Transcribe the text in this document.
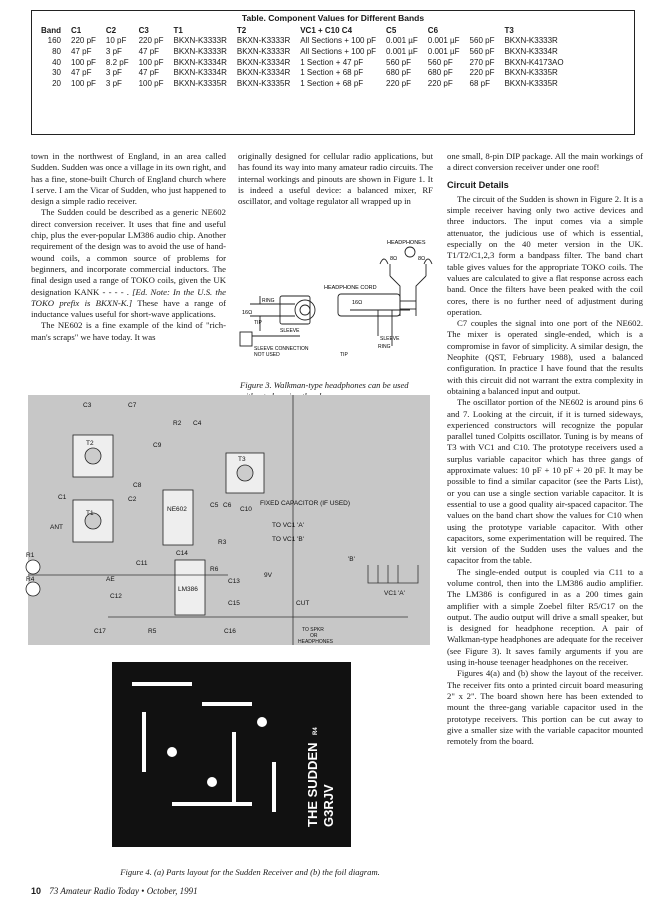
Table. Component Values for Different Bands
Band	C1	C2	C3	T1	T2	VC1 + C10 C4	C5	C6		T3
160	220 pF	10 pF	220 pF	BKXN-K3333R	BKXN-K3333R	All Sections + 100 pF	0.001 µF	0.001 µF	560 pF	BKXN-K3333R
80	47 pF	3 pF	47 pF	BKXN-K3333R	BKXN-K3333R	All Sections + 100 pF	0.001 µF	0.001 µF	560 pF	BKXN-K3334R
40	100 pF	8.2 pF	100 pF	BKXN-K3334R	BKXN-K3334R	1 Section + 47 pF	560 pF	560 pF	270 pF	BKXN-K4173AO
30	47 pF	3 pF	47 pF	BKXN-K3334R	BKXN-K3334R	1 Section + 68 pF	680 pF	680 pF	220 pF	BKXN-K3335R
20	100 pF	3 pF	100 pF	BKXN-K3335R	BKXN-K3335R	1 Section + 68 pF	220 pF	220 pF	68 pF	BKXN-K3335R

town in the northwest of England, in an area called Sudden. Sudden was once a village in its own right, and has a fine, stone-built Church of England church where I serve. I am the Vicar of Sudden, who just happened to design a simple radio receiver.

The Sudden could be described as a generic NE602 direct conversion receiver. It uses that fine and useful chip, plus the ever-popular LM386 audio chip. Another requirement of the design was to avoid the use of hand-wound coils, a common source of problems for beginners, and incorporate commercial inductors. The final design used a range of TOKO coils, given the UK designation KANK - - - - . [Ed. Note: In the U.S. the TOKO prefix is BKXN-K.] These have a range of inductance values useful for short-wave applications.

The NE602 is a fine example of the kind of "rich-man's scraps" we have today. It was

originally designed for cellular radio applications, but has found its way into many amateur radio circuits. The internal workings and pinouts are shown in Figure 1. It is indeed a useful device: a balanced mixer, RF oscillator, and voltage regulator all wrapped up in

HEADPHONES
8Ω	8Ω
HEADPHONE CORD
16Ω
16Ω
RING
TIP
SLEEVE
SLEEVE CONNECTION
NOT USED
SLEEVE
RING
TIP
Figure 3. Walkman-type headphones can be used

one small, 8-pin DIP package. All the main workings of a direct conversion receiver under one roof!

Circuit Details

The circuit of the Sudden is shown in Figure 2. It is a simple receiver having only two active devices and three inductors. The input comes via a simple attenuator, the judicious use of which is essential, especially on the 40 meter version in the UK. T1/T2/C1,2,3 form a bandpass filter. The band chart table gives values for the appropriate TOKO coils. The values are calculated to give a flat response across each band. Once the filters have been peaked with the coil cores, there is no further need of adjustment during operation.

C7 couples the signal into one port of the NE602. The mixer is operated single-ended, which is a compromise in favor of simplicity. A similar design, the Neophite (QST, February 1988), used a balanced configuration. In practice I have found that the results with this circuit did not warrant the extra complexity in obtaining a balanced input and output.

The oscillator portion of the NE602 is around pins 6 and 7. Looking at the circuit, if it is turned sideways, experienced constructors will recognize the popular parallel tuned Colpitts oscillator. Tuning is by means of T3 with VC1 and C10. The prototype receivers used a surplus variable capacitor which has three gangs of approximate values: 10 pF + 10 pF + 20 pF. It may be possible to find a similar capacitor (see the Parts List), or you can use a single section variable capacitor. It is essential to use a good quality air-spaced capacitor. The values on the band chart show the values for C10 when using the prototype variable capacitor. With other capacitors, some experimentation will be required. The kit version of the Sudden uses the values and the capacitor from the table.

The single-ended output is coupled via C11 to a volume control, then into the LM386 audio amplifier. The LM386 is configured in as a 200 times gain amplifier with a simple Zoebel filter R5/C17 on the output. The audio output will drive a small speaker, but is designed for headphone reception. A pair of Walkman-type headphones are adequate for the receiver (see Figure 3). It saves family arguments if you are using in-house teenager headphones on the receiver.

Figures 4(a) and (b) show the layout of the receiver. The receiver fits onto a printed circuit board measuring 2" x 2". The board shown here has been extended to mount the three-gang variable capacitor used in the prototype receivers. This portion can be cut away to give a smaller size with the variable capacitor mounted remotely from the board.

C3	C7
C9
R2 C4
T2
T3
C8
C1	C2
NE602
C5 C6
C10
FIXED CAPACITOR (IF USED)
ANT
T1
TO VC1 'A'
TO VC1 'B'
R3
C14
R1
R4
C11
AE
R6
C13
9V
LM386
C12
C15	CUT
C17	R5	C16	TO SPKR
OR
HEADPHONES
'B'
'A'
VC1
THE SUDDEN G3RJV
R4
Figure 4. (a) Parts layout for the Sudden Receiver and (b) the foil diagram.
10 73 Amateur Radio Today • October, 1991
